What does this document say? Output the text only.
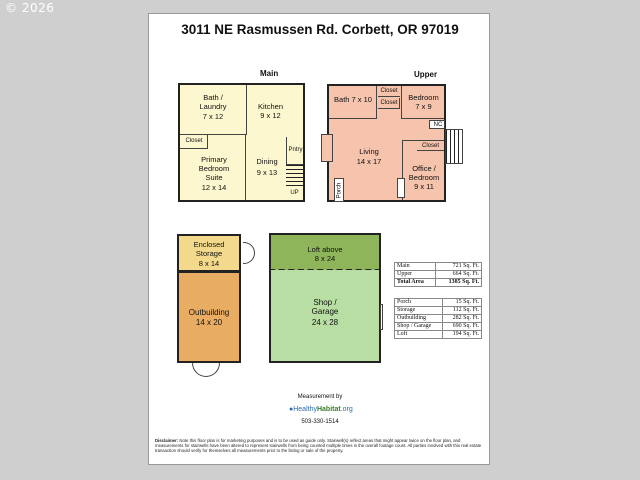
© 2026
3011 NE Rasmussen Rd. Corbett, OR 97019
Main	Upper
Bath /
Laundry
7 x 12
Kitchen
9 x 12
Closet
Primary
Bedroom
Suite
12 x 14
Dining
9 x 13
Pntry
UP
Bath 7 x 10
Closet
Closet
Bedroom
7 x 9
NC
Living
14 x 17
Closet
Office /
Bedroom
9 x 11
Porch
Enclosed
Storage
8 x 14
Outbuilding
14 x 20
Loft above
8 x 24
Shop /
Garage
24 x 28
Main	721 Sq. Ft.
Upper	664 Sq. Ft.
Total Area	1385 Sq. Ft.
Porch	15 Sq. Ft.
Storage	112 Sq. Ft.
Outbuilding	282 Sq. Ft.
Shop / Garage	690 Sq. Ft.
Loft	194 Sq. Ft.
Measurement by
●HealthyHabitat.org
503-330-1514
Disclaimer: Note this floor plan is for marketing purposes and is to be used as guide only. Stairwell(s) reflect areas that might appear twice on the floor plan, and measurements for stairwells have been altered to represent stairwells from being counted multiple times in the overall footage count. All parties involved with this real estate transaction should verify for themselves all measurements prior to the listing or sale of the property.
